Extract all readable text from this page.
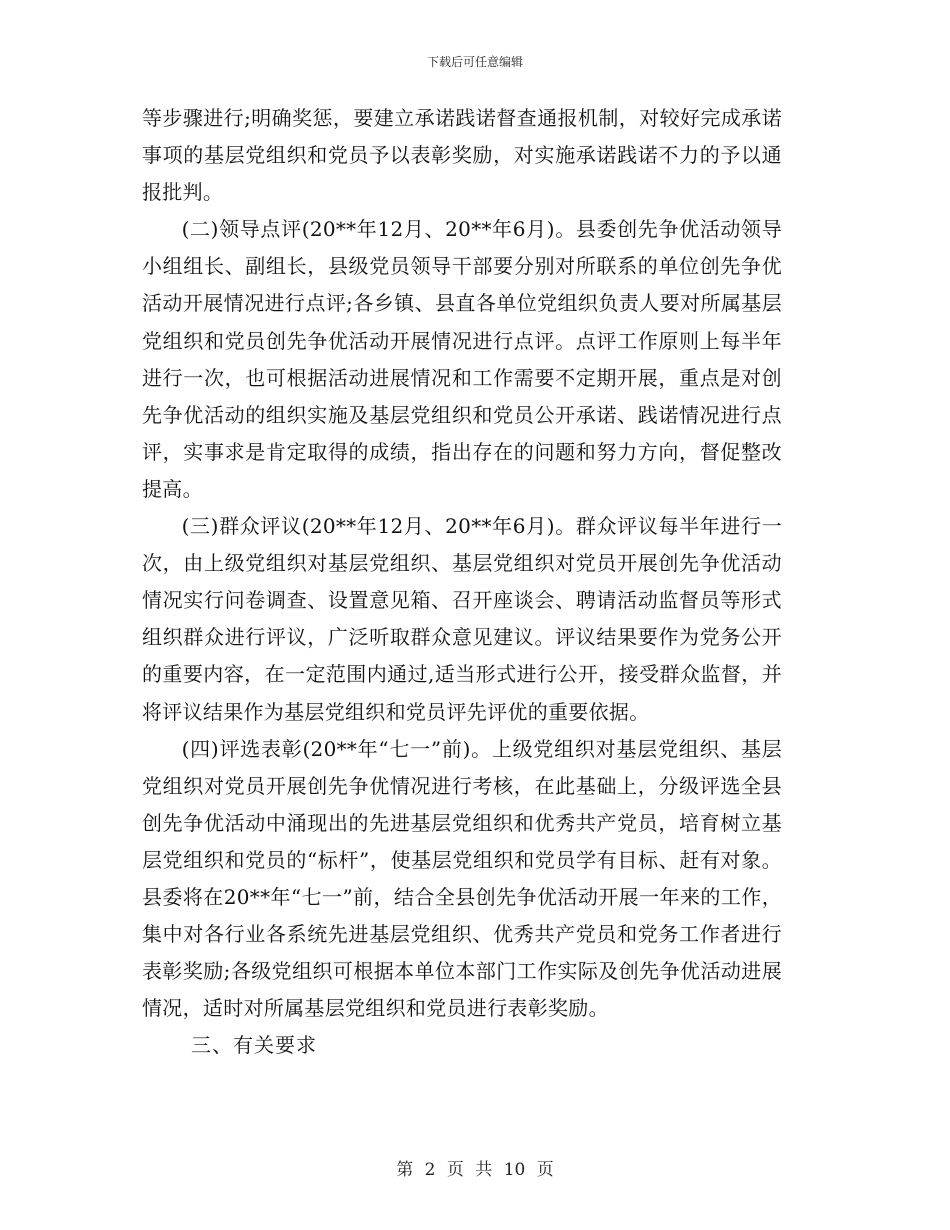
下载后可任意编辑

等步骤进行;明确奖惩，要建立承诺践诺督查通报机制，对较好完成承诺事项的基层党组织和党员予以表彰奖励，对实施承诺践诺不力的予以通报批判。

(二)领导点评(20**年12月、20**年6月)。县委创先争优活动领导小组组长、副组长，县级党员领导干部要分别对所联系的单位创先争优活动开展情况进行点评;各乡镇、县直各单位党组织负责人要对所属基层党组织和党员创先争优活动开展情况进行点评。点评工作原则上每半年进行一次，也可根据活动进展情况和工作需要不定期开展，重点是对创先争优活动的组织实施及基层党组织和党员公开承诺、践诺情况进行点评，实事求是肯定取得的成绩，指出存在的问题和努力方向，督促整改提高。

(三)群众评议(20**年12月、20**年6月)。群众评议每半年进行一次，由上级党组织对基层党组织、基层党组织对党员开展创先争优活动情况实行问卷调查、设置意见箱、召开座谈会、聘请活动监督员等形式组织群众进行评议，广泛听取群众意见建议。评议结果要作为党务公开的重要内容，在一定范围内通过,适当形式进行公开，接受群众监督，并将评议结果作为基层党组织和党员评先评优的重要依据。

(四)评选表彰(20**年“七一”前)。上级党组织对基层党组织、基层党组织对党员开展创先争优情况进行考核，在此基础上，分级评选全县创先争优活动中涌现出的先进基层党组织和优秀共产党员，培育树立基层党组织和党员的“标杆”，使基层党组织和党员学有目标、赶有对象。县委将在20**年“七一”前，结合全县创先争优活动开展一年来的工作，集中对各行业各系统先进基层党组织、优秀共产党员和党务工作者进行表彰奖励;各级党组织可根据本单位本部门工作实际及创先争优活动进展情况，适时对所属基层党组织和党员进行表彰奖励。

三、有关要求

第 2 页 共 10 页
